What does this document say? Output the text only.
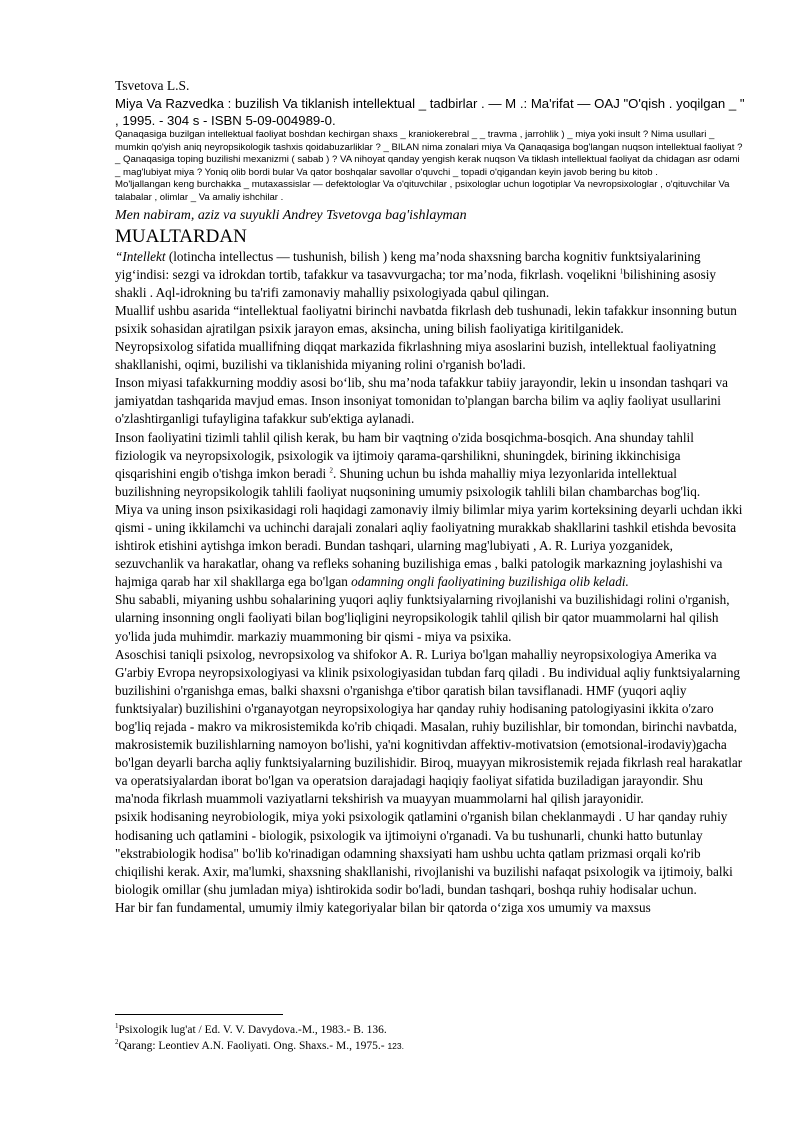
Tsvetova L.S.
Miya Va Razvedka : buzilish Va tiklanish intellektual _ tadbirlar . — M .: Ma'rifat — OAJ "O'qish . yoqilgan _ " , 1995. - 304 s - ISBN 5-09-004989-0.
Qanaqasiga buzilgan intellektual faoliyat boshdan kechirgan shaxs _ kraniokerebral _ _ travma , jarrohlik ) _ miya yoki insult ? Nima usullari _ mumkin qo'yish aniq neyropsikologik tashxis qoidabuzarliklar ? _ BILAN nima zonalari miya Va Qanaqasiga bog'langan nuqson intellektual faoliyat ? _ Qanaqasiga toping buzilishi mexanizmi ( sabab ) ? VA nihoyat qanday yengish kerak nuqson Va tiklash intellektual faoliyat da chidagan asr odami _ mag'lubiyat miya ? Yoniq olib bordi bular Va qator boshqalar savollar o'quvchi _ topadi o'qigandan keyin javob bering bu kitob .
Mo'ljallangan keng burchakka _ mutaxassislar — defektologlar Va o'qituvchilar , psixologlar uchun logotiplar Va nevropsixologlar , o'qituvchilar Va talabalar , olimlar _ Va amaliy ishchilar .
Men nabiram, aziz va suyukli Andrey Tsvetovga bag'ishlayman
MUALTARDAN

“Intellekt (lotincha intellectus — tushunish, bilish ) keng ma’noda shaxsning barcha kognitiv funktsiyalarining yig‘indisi: sezgi va idrokdan tortib, tafakkur va tasavvurgacha; tor ma’noda, fikrlash. voqelikni $^1$bilishining asosiy shakli . Aql-idrokning bu ta'rifi zamonaviy mahalliy psixologiyada qabul qilingan.

Muallif ushbu asarida “intellektual faoliyatni birinchi navbatda fikrlash deb tushunadi, lekin tafakkur insonning butun psixik sohasidan ajratilgan psixik jarayon emas, aksincha, uning bilish faoliyatiga kiritilganidek.

Neyropsixolog sifatida muallifning diqqat markazida fikrlashning miya asoslarini buzish, intellektual faoliyatning shakllanishi, oqimi, buzilishi va tiklanishida miyaning rolini o'rganish bo'ladi.

Inson miyasi tafakkurning moddiy asosi bo‘lib, shu ma’noda tafakkur tabiiy jarayondir, lekin u insondan tashqari va jamiyatdan tashqarida mavjud emas. Inson insoniyat tomonidan to'plangan barcha bilim va aqliy faoliyat usullarini o'zlashtirganligi tufayligina tafakkur sub'ektiga aylanadi.

Inson faoliyatini tizimli tahlil qilish kerak, bu ham bir vaqtning o'zida bosqichma-bosqich. Ana shunday tahlil fiziologik va neyropsixologik, psixologik va ijtimoiy qarama-qarshilikni, shuningdek, birining ikkinchisiga qisqarishini engib o'tishga imkon beradi $^2$. Shuning uchun bu ishda mahalliy miya lezyonlarida intellektual buzilishning neyropsikologik tahlili faoliyat nuqsonining umumiy psixologik tahlili bilan chambarchas bog'liq.

Miya va uning inson psixikasidagi roli haqidagi zamonaviy ilmiy bilimlar miya yarim korteksining deyarli uchdan ikki qismi - uning ikkilamchi va uchinchi darajali zonalari aqliy faoliyatning murakkab shakllarini tashkil etishda bevosita ishtirok etishini aytishga imkon beradi. Bundan tashqari, ularning mag'lubiyati , A. R. Luriya yozganidek, sezuvchanlik va harakatlar, ohang va refleks sohaning buzilishiga emas , balki patologik markazning joylashishi va hajmiga qarab har xil shakllarga ega bo'lgan odamning ongli faoliyatining buzilishiga olib keladi.

Shu sababli, miyaning ushbu sohalarining yuqori aqliy funktsiyalarning rivojlanishi va buzilishidagi rolini o'rganish, ularning insonning ongli faoliyati bilan bog'liqligini neyropsikologik tahlil qilish bir qator muammolarni hal qilish yo'lida juda muhimdir. markaziy muammoning bir qismi - miya va psixika.

Asoschisi taniqli psixolog, nevropsixolog va shifokor A. R. Luriya bo'lgan mahalliy neyropsixologiya Amerika va G'arbiy Evropa neyropsixologiyasi va klinik psixologiyasidan tubdan farq qiladi . Bu individual aqliy funktsiyalarning buzilishini o'rganishga emas, balki shaxsni o'rganishga e'tibor qaratish bilan tavsiflanadi. HMF (yuqori aqliy funktsiyalar) buzilishini o'rganayotgan neyropsixologiya har qanday ruhiy hodisaning patologiyasini ikkita o'zaro bog'liq rejada - makro va mikrosistemikda ko'rib chiqadi. Masalan, ruhiy buzilishlar, bir tomondan, birinchi navbatda, makrosistemik buzilishlarning namoyon bo'lishi, ya'ni kognitivdan affektiv-motivatsion (emotsional-irodaviy)gacha bo'lgan deyarli barcha aqliy funktsiyalarning buzilishidir. Biroq, muayyan mikrosistemik rejada fikrlash real harakatlar va operatsiyalardan iborat bo'lgan va operatsion darajadagi haqiqiy faoliyat sifatida buziladigan jarayondir. Shu ma'noda fikrlash muammoli vaziyatlarni tekshirish va muayyan muammolarni hal qilish jarayonidir.

psixik hodisaning neyrobiologik, miya yoki psixologik qatlamini o'rganish bilan cheklanmaydi . U har qanday ruhiy hodisaning uch qatlamini - biologik, psixologik va ijtimoiyni o'rganadi. Va bu tushunarli, chunki hatto butunlay "ekstrabiologik hodisa" bo'lib ko'rinadigan odamning shaxsiyati ham ushbu uchta qatlam prizmasi orqali ko'rib chiqilishi kerak. Axir, ma'lumki, shaxsning shakllanishi, rivojlanishi va buzilishi nafaqat psixologik va ijtimoiy, balki biologik omillar (shu jumladan miya) ishtirokida sodir bo'ladi, bundan tashqari, boshqa ruhiy hodisalar uchun.

Har bir fan fundamental, umumiy ilmiy kategoriyalar bilan bir qatorda o‘ziga xos umumiy va maxsus

$^1$Psixologik lug'at / Ed. V. V. Davydova.-M., 1983.- B. 136.
$^2$Qarang: Leontiev A.N. Faoliyati. Ong. Shaxs.- M., 1975.- 123.
